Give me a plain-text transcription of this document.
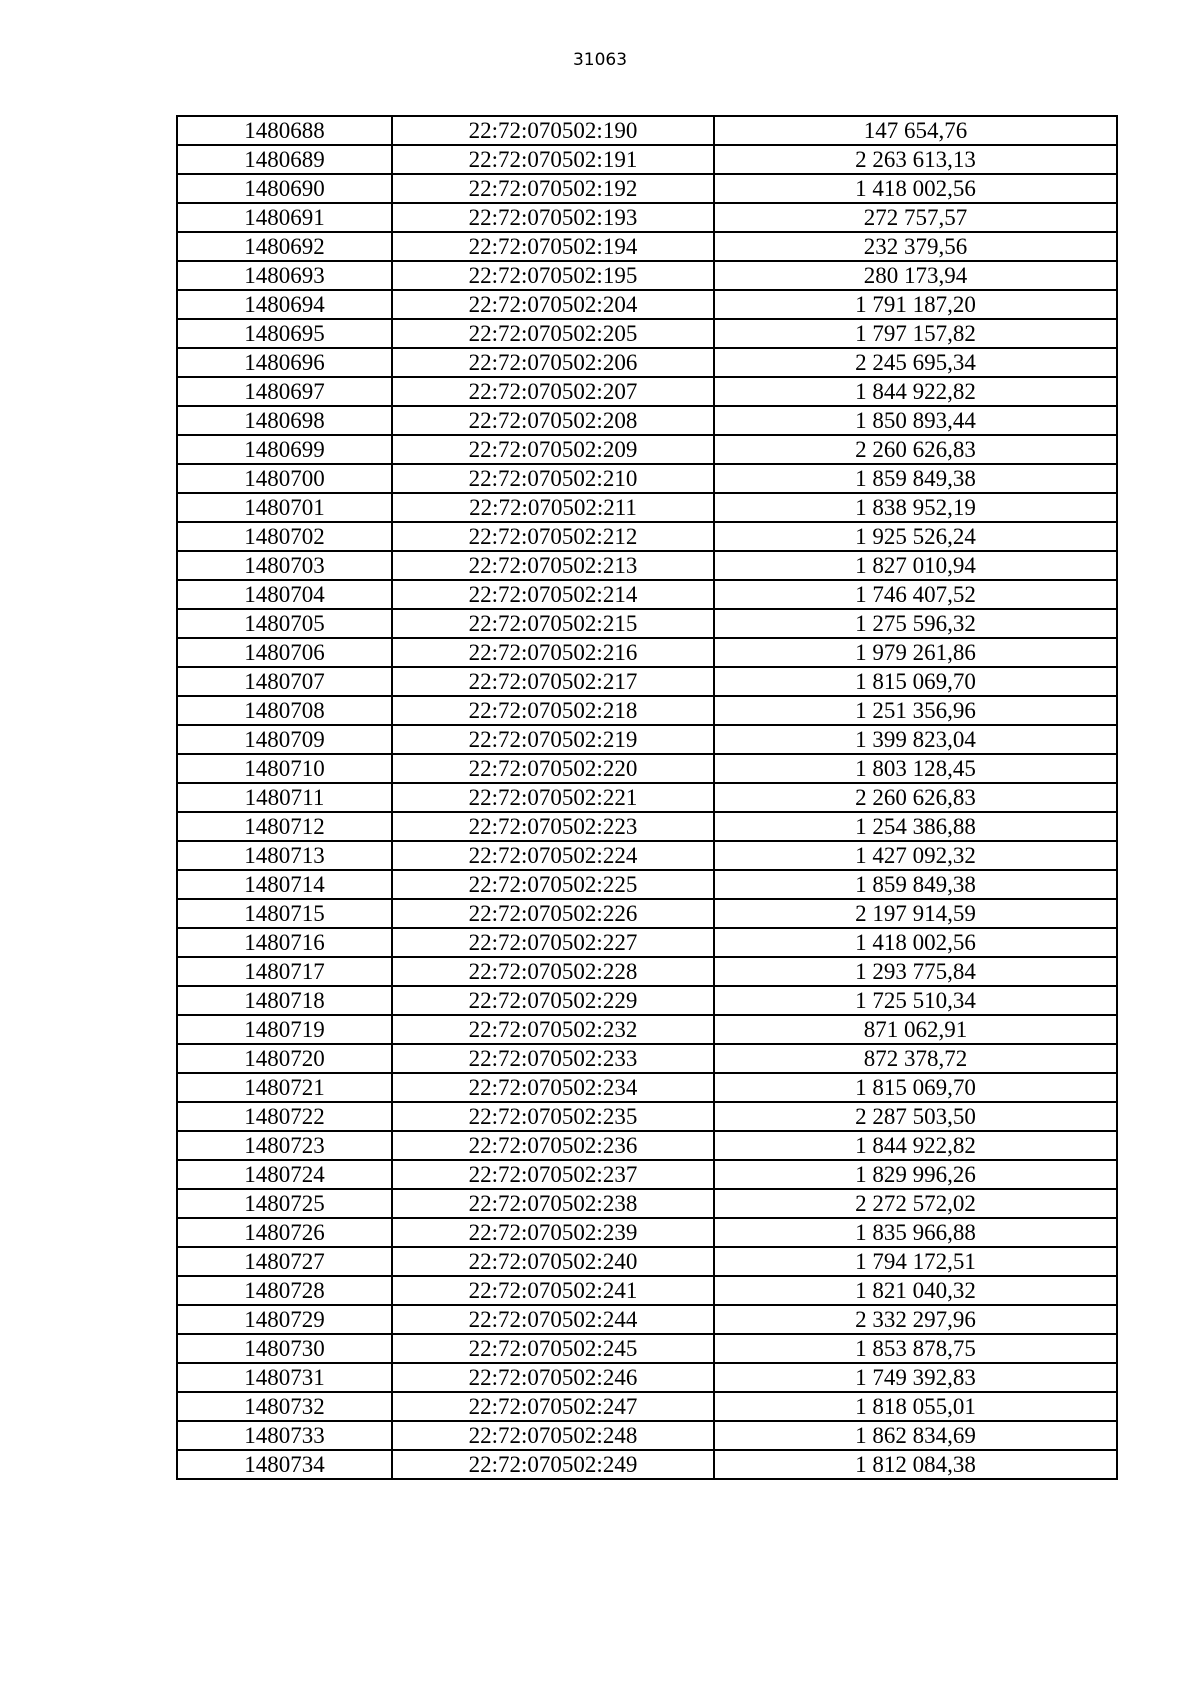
31063
1480688	22:72:070502:190	147 654,76
1480689	22:72:070502:191	2 263 613,13
1480690	22:72:070502:192	1 418 002,56
1480691	22:72:070502:193	272 757,57
1480692	22:72:070502:194	232 379,56
1480693	22:72:070502:195	280 173,94
1480694	22:72:070502:204	1 791 187,20
1480695	22:72:070502:205	1 797 157,82
1480696	22:72:070502:206	2 245 695,34
1480697	22:72:070502:207	1 844 922,82
1480698	22:72:070502:208	1 850 893,44
1480699	22:72:070502:209	2 260 626,83
1480700	22:72:070502:210	1 859 849,38
1480701	22:72:070502:211	1 838 952,19
1480702	22:72:070502:212	1 925 526,24
1480703	22:72:070502:213	1 827 010,94
1480704	22:72:070502:214	1 746 407,52
1480705	22:72:070502:215	1 275 596,32
1480706	22:72:070502:216	1 979 261,86
1480707	22:72:070502:217	1 815 069,70
1480708	22:72:070502:218	1 251 356,96
1480709	22:72:070502:219	1 399 823,04
1480710	22:72:070502:220	1 803 128,45
1480711	22:72:070502:221	2 260 626,83
1480712	22:72:070502:223	1 254 386,88
1480713	22:72:070502:224	1 427 092,32
1480714	22:72:070502:225	1 859 849,38
1480715	22:72:070502:226	2 197 914,59
1480716	22:72:070502:227	1 418 002,56
1480717	22:72:070502:228	1 293 775,84
1480718	22:72:070502:229	1 725 510,34
1480719	22:72:070502:232	871 062,91
1480720	22:72:070502:233	872 378,72
1480721	22:72:070502:234	1 815 069,70
1480722	22:72:070502:235	2 287 503,50
1480723	22:72:070502:236	1 844 922,82
1480724	22:72:070502:237	1 829 996,26
1480725	22:72:070502:238	2 272 572,02
1480726	22:72:070502:239	1 835 966,88
1480727	22:72:070502:240	1 794 172,51
1480728	22:72:070502:241	1 821 040,32
1480729	22:72:070502:244	2 332 297,96
1480730	22:72:070502:245	1 853 878,75
1480731	22:72:070502:246	1 749 392,83
1480732	22:72:070502:247	1 818 055,01
1480733	22:72:070502:248	1 862 834,69
1480734	22:72:070502:249	1 812 084,38
